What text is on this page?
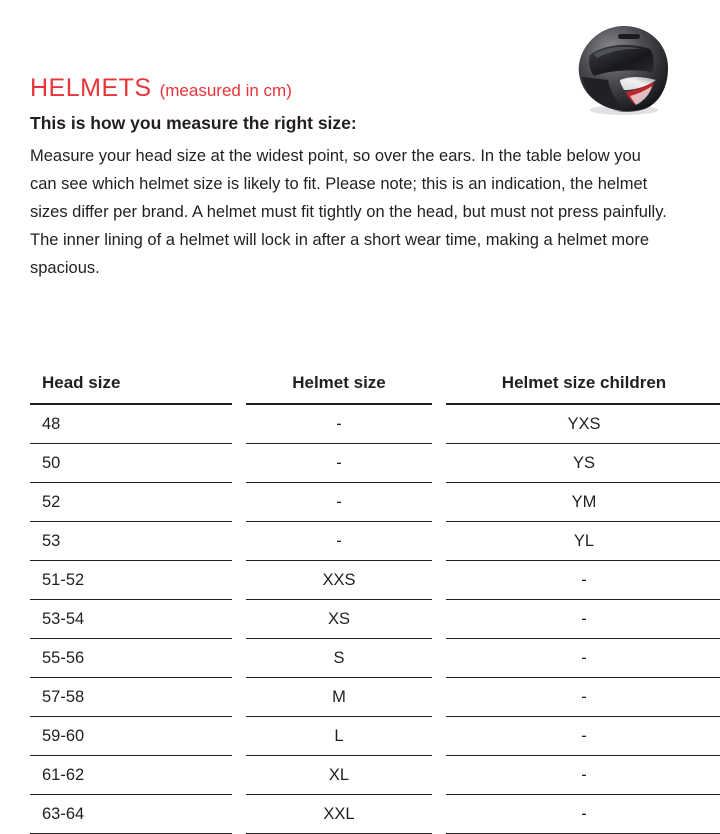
HELMETS (measured in cm)
This is how you measure the right size:

Measure your head size at the widest point, so over the ears. In the table below you can see which helmet size is likely to fit. Please note; this is an indication, the helmet sizes differ per brand. A helmet must fit tightly on the head, but must not press painfully. The inner lining of a helmet will lock in after a short wear time, making a helmet more spacious.

Head size	Helmet size	Helmet size children
48	-	YXS
50	-	YS
52	-	YM
53	-	YL
51-52	XXS	-
53-54	XS	-
55-56	S	-
57-58	M	-
59-60	L	-
61-62	XL	-
63-64	XXL	-
